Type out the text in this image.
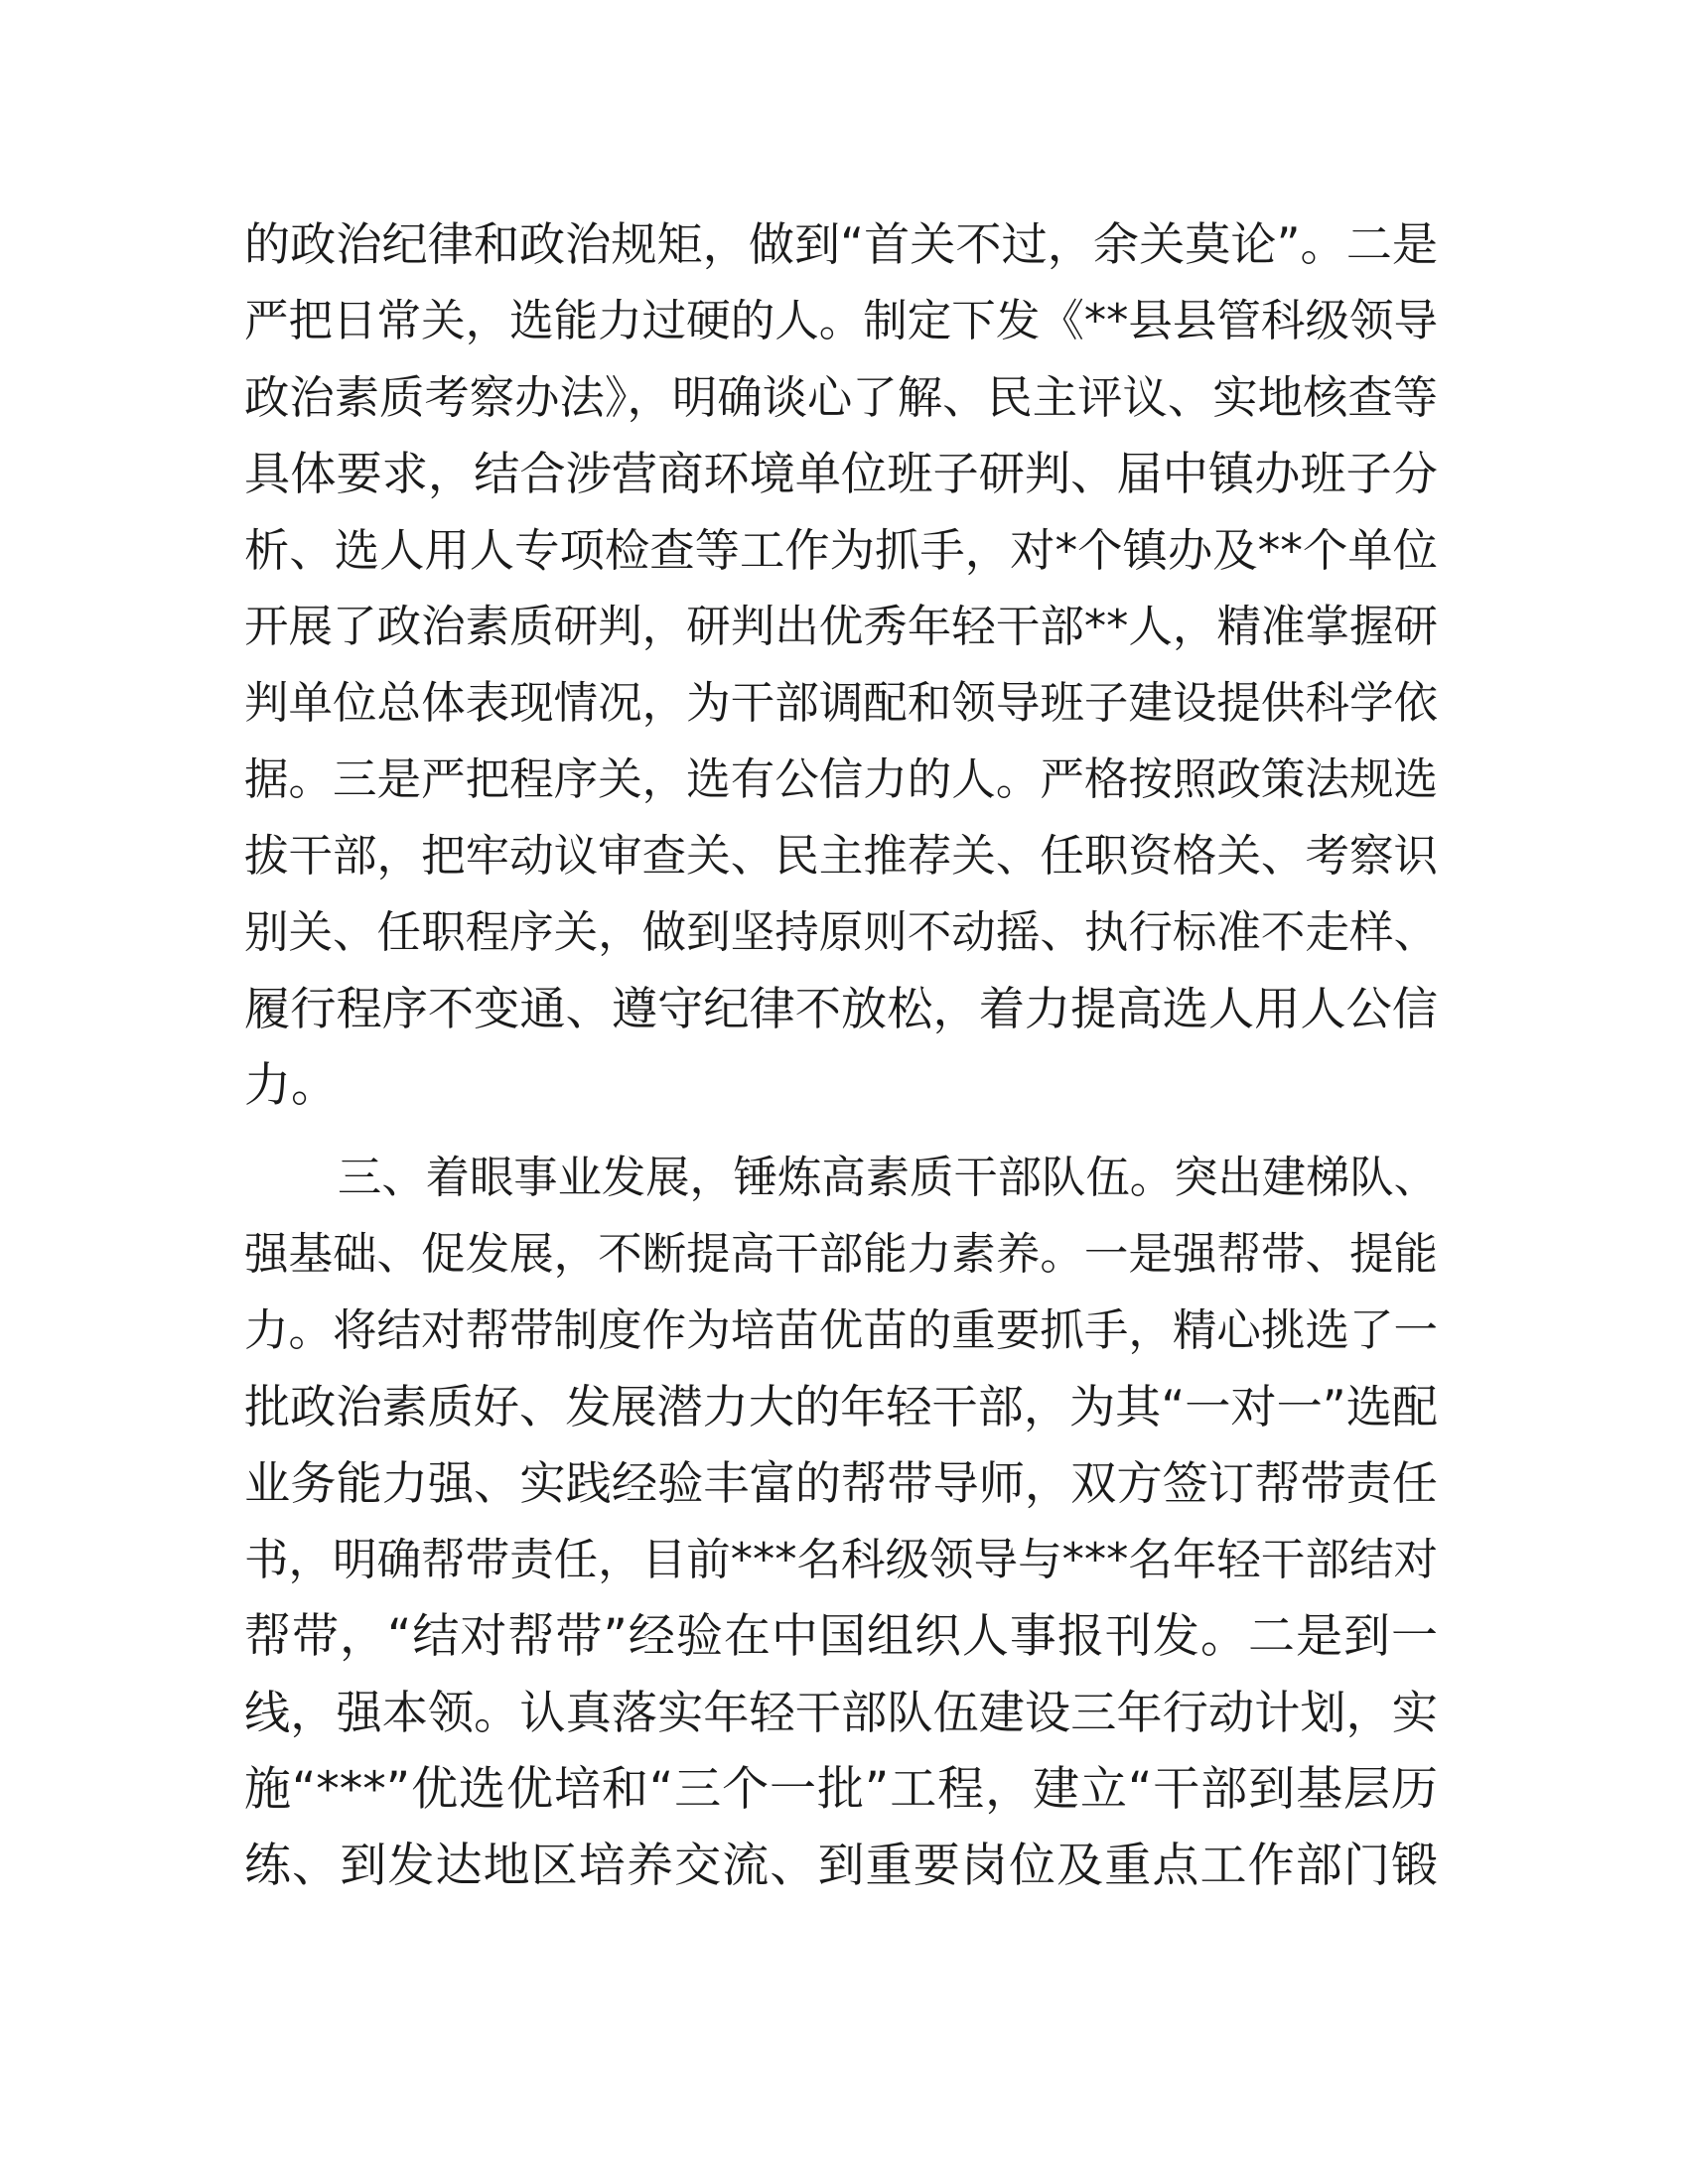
的政治纪律和政治规矩，做到“首关不过，余关莫论”。二是
严把日常关，选能力过硬的人。制定下发《**县县管科级领导
政治素质考察办法》，明确谈心了解、民主评议、实地核查等
具体要求，结合涉营商环境单位班子研判、届中镇办班子分
析、选人用人专项检查等工作为抓手，对*个镇办及**个单位
开展了政治素质研判，研判出优秀年轻干部**人，精准掌握研
判单位总体表现情况，为干部调配和领导班子建设提供科学依
据。三是严把程序关，选有公信力的人。严格按照政策法规选
拔干部，把牢动议审查关、民主推荐关、任职资格关、考察识
别关、任职程序关，做到坚持原则不动摇、执行标准不走样、
履行程序不变通、遵守纪律不放松，着力提高选人用人公信
力。
三、着眼事业发展，锤炼高素质干部队伍。突出建梯队、
强基础、促发展，不断提高干部能力素养。一是强帮带、提能
力。将结对帮带制度作为培苗优苗的重要抓手，精心挑选了一
批政治素质好、发展潜力大的年轻干部，为其“一对一”选配
业务能力强、实践经验丰富的帮带导师，双方签订帮带责任
书，明确帮带责任，目前***名科级领导与***名年轻干部结对
帮带，“结对帮带”经验在中国组织人事报刊发。二是到一
线，强本领。认真落实年轻干部队伍建设三年行动计划，实
施“***”优选优培和“三个一批”工程，建立“干部到基层历
练、到发达地区培养交流、到重要岗位及重点工作部门锻
